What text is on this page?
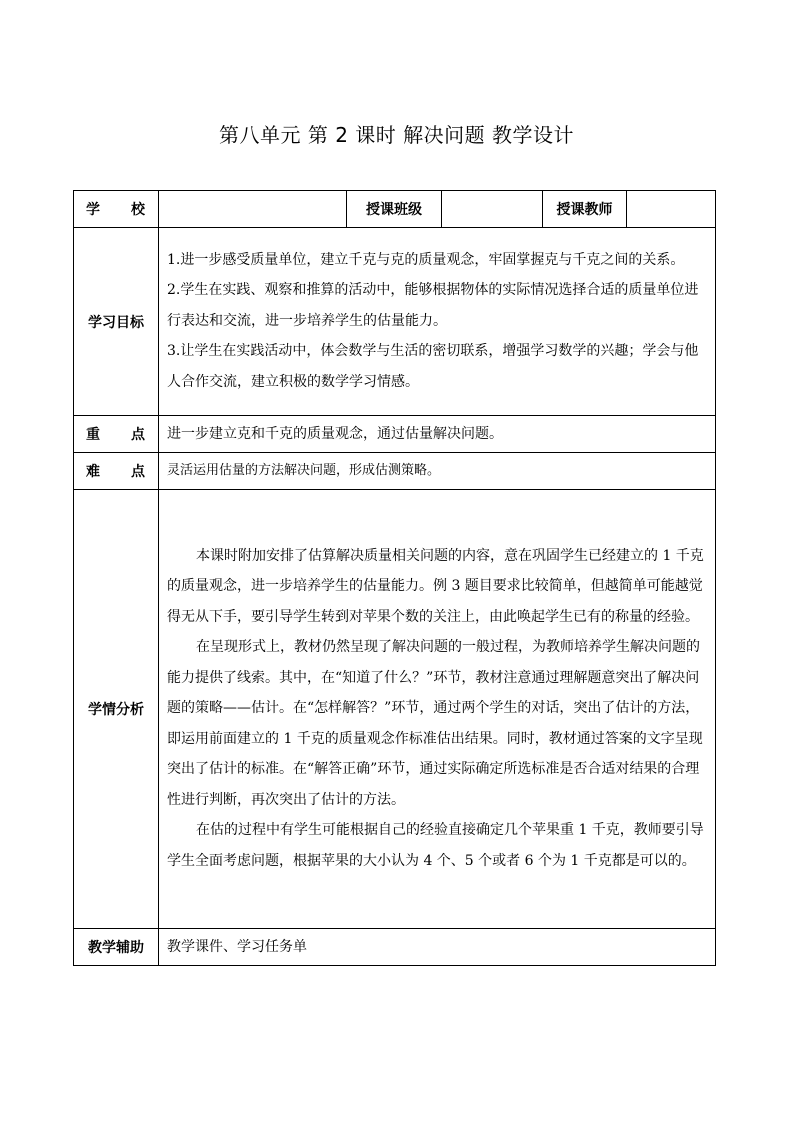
第八单元 第 2 课时 解决问题 教学设计
学 校		授课班级		授课教师	
学习目标	1.进一步感受质量单位，建立千克与克的质量观念，牢固掌握克与千克之间的关系。

2.学生在实践、观察和推算的活动中，能够根据物体的实际情况选择合适的质量单位进行表达和交流，进一步培养学生的估量能力。

3.让学生在实践活动中，体会数学与生活的密切联系，增强学习数学的兴趣；学会与他人合作交流，建立积极的数学学习情感。				

重 点	进一步建立克和千克的质量观念，通过估量解决问题。				

难 点	灵活运用估量的方法解决问题，形成估测策略。				
学情分析	本课时附加安排了估算解决质量相关问题的内容，意在巩固学生已经建立的 1 千克的质量观念，进一步培养学生的估量能力。例 3 题目要求比较简单，但越简单可能越觉得无从下手，要引导学生转到对苹果个数的关注上，由此唤起学生已有的称量的经验。

在呈现形式上，教材仍然呈现了解决问题的一般过程，为教师培养学生解决问题的能力提供了线索。其中，在“知道了什么？”环节，教材注意通过理解题意突出了解决问题的策略——估计。在“怎样解答？”环节，通过两个学生的对话，突出了估计的方法，即运用前面建立的 1 千克的质量观念作标准估出结果。同时，教材通过答案的文字呈现突出了估计的标准。在“解答正确”环节，通过实际确定所选标准是否合适对结果的合理性进行判断，再次突出了估计的方法。

在估的过程中有学生可能根据自己的经验直接确定几个苹果重 1 千克，教师要引导学生全面考虑问题，根据苹果的大小认为 4 个、5 个或者 6 个为 1 千克都是可以的。				

教学辅助	教学课件、学习任务单				
